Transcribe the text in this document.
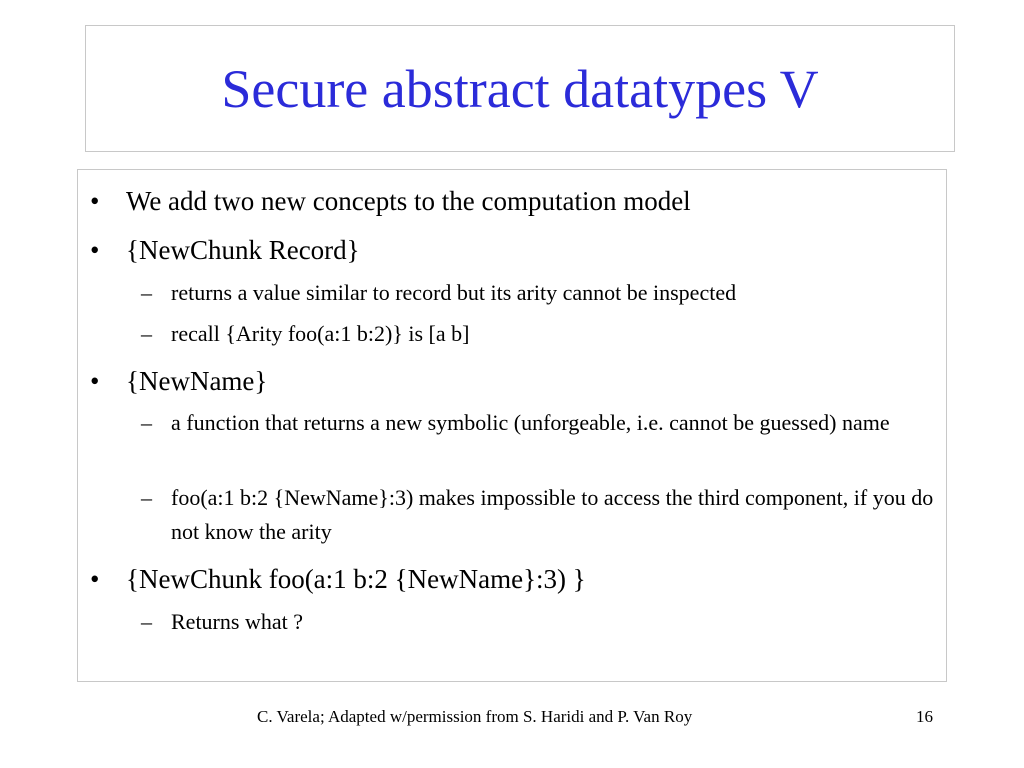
Secure abstract datatypes V
• We add two new concepts to the computation model
• {NewChunk Record}
– returns a value similar to record but its arity cannot be inspected
– recall {Arity foo(a:1 b:2)} is [a b]
• {NewName}
– a function that returns a new symbolic (unforgeable, i.e. cannot be guessed) name
– foo(a:1 b:2 {NewName}:3) makes impossible to access the third component, if you do not know the arity
• {NewChunk foo(a:1 b:2 {NewName}:3) }
– Returns what ?
C. Varela; Adapted w/permission from S. Haridi and P. Van Roy	16
